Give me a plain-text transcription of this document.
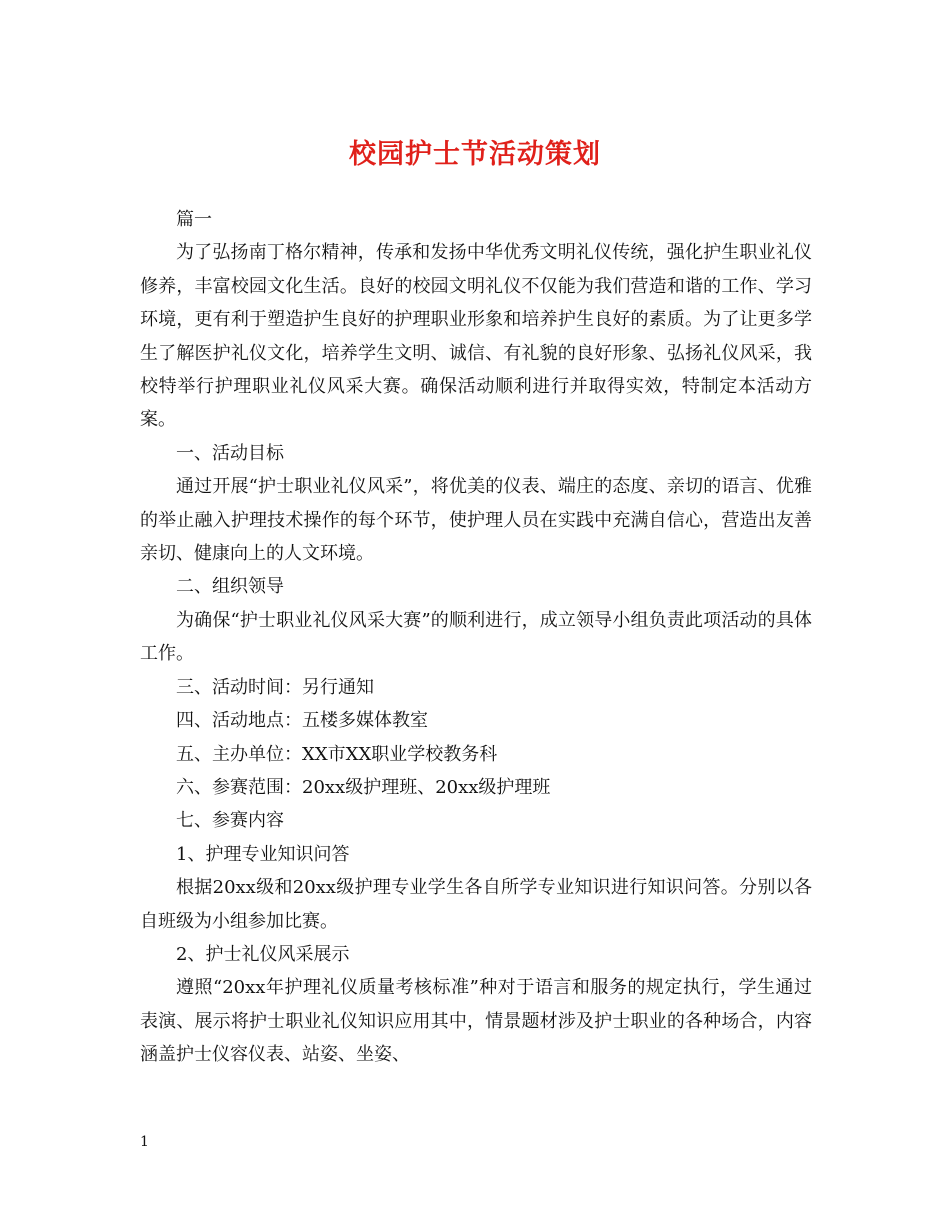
校园护士节活动策划

篇一

为了弘扬南丁格尔精神，传承和发扬中华优秀文明礼仪传统，强化护生职业礼仪修养，丰富校园文化生活。良好的校园文明礼仪不仅能为我们营造和谐的工作、学习环境，更有利于塑造护生良好的护理职业形象和培养护生良好的素质。为了让更多学生了解医护礼仪文化，培养学生文明、诚信、有礼貌的良好形象、弘扬礼仪风采，我校特举行护理职业礼仪风采大赛。确保活动顺利进行并取得实效，特制定本活动方案。

一、活动目标

通过开展“护士职业礼仪风采”，将优美的仪表、端庄的态度、亲切的语言、优雅的举止融入护理技术操作的每个环节，使护理人员在实践中充满自信心，营造出友善亲切、健康向上的人文环境。

二、组织领导

为确保“护士职业礼仪风采大赛”的顺利进行，成立领导小组负责此项活动的具体工作。

三、活动时间：另行通知

四、活动地点：五楼多媒体教室

五、主办单位：XX市XX职业学校教务科

六、参赛范围：20xx级护理班、20xx级护理班

七、参赛内容

1、护理专业知识问答

根据20xx级和20xx级护理专业学生各自所学专业知识进行知识问答。分别以各自班级为小组参加比赛。

2、护士礼仪风采展示

遵照“20xx年护理礼仪质量考核标准”种对于语言和服务的规定执行，学生通过表演、展示将护士职业礼仪知识应用其中，情景题材涉及护士职业的各种场合，内容涵盖护士仪容仪表、站姿、坐姿、

1
